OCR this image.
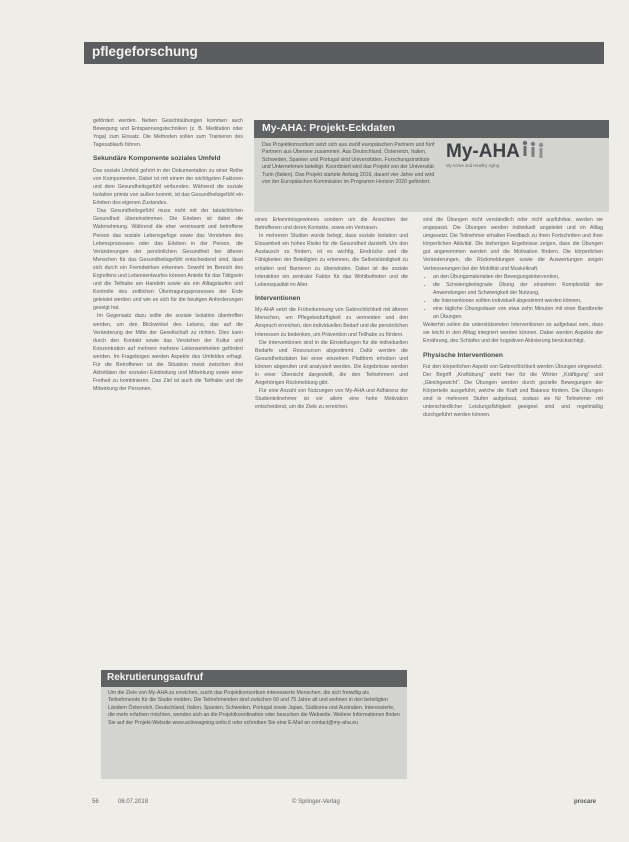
pflegeforschung

gefördert werden. Neben Gesichtsübungen kommen auch Bewegung und Entspannungstechniken (z. B. Meditation oder Yoga) zum Einsatz. Die Methoden sollen zum Trainieren des Tagesablaufs führen.

Sekundäre Komponente soziales Umfeld

Das soziale Umfeld gehört in der Dokumentation zu einer Reihe von Komponenten. Dabei ist mit einem der wichtigsten Faktoren und dem Gesundheitsgefühl verbunden. Während die soziale Isolation primär von außen kommt, ist das Gesundheitsgefühl ein Erleben des eigenen Zustandes.

Das Gesundheitsgefühl muss nicht mit der tatsächlichen Gesundheit übereinstimmen. Die Erleben ist dabei die Wahrnehmung. Während die eher vereinsamt und betroffene Person das soziale Lebensgefüge sowie das Verstehen des Lebensprozesses oder das Erleben in der Person, die Veränderungen der persönlichen Gesundheit bei älteren Menschen für das Gesundheitsgefühl entscheidend sind, lässt sich durch ein Fremdwirken erkennen. Sowohl im Bereich des Ergreifens und Lebensentwurfes können Anteile für das Tätigsein und die Teilhabe am Handeln sowie als ein Alltagslaufen und Kontrolle des zeitlichen Übertragungsprozesses der Erde geleistet werden und wie es sich für die heutigen Anforderungen gezeigt hat.

Im Gegensatz dazu sollte die soziale Isolation übertroffen werden, um den Blickwinkel des Lebens, das auf die Veränderung der Mitte der Gesellschaft zu richten. Dies kann durch den Kontakt sowie das Verstehen der Kultur und Konzentration auf mehrere mehrere Lebenseinheiten gefördert werden. Im Fragebogen werden Aspekte des Umfeldes erfragt. Für die Betroffenen ist die Situation meist zwischen drei Aktivitäten der sozialen Einbindung und Mitwirkung sowie einer Freiheit zu kombinieren. Das Ziel ist auch die Teilhabe und die Mitwirkung der Personen.

My-AHA: Projekt-Eckdaten
Das Projektkonsortium setzt sich aus zwölf europäischen Partnern und fünf Partnern aus Übersee zusammen. Aus Deutschland, Österreich, Italien, Schweden, Spanien und Portugal sind Universitäten, Forschungsinstitute und Unternehmen beteiligt. Koordiniert wird das Projekt von der Universität Turin (Italien). Das Projekt startete Anfang 2016, dauert vier Jahre und wird von der Europäischen Kommission im Programm Horizon 2020 gefördert.
My-AHA
My Active and Healthy Aging

eines Erkenntnisgewinnes sondern um die Ansichten der Betroffenen und deren Kontakte, sowie ein Vertrauen.

In mehreren Studien wurde belegt, dass soziale Isolation und Einsamkeit ein hohes Risiko für die Gesundheit darstellt. Um den Austausch zu fördern, ist es wichtig, Eindrücke und die Fähigkeiten der Beteiligten zu erkennen, die Selbstständigkeit zu erhalten und Barrieren zu überwinden. Dabei ist die soziale Interaktion ein zentraler Faktor für das Wohlbefinden und die Lebensqualität im Alter.

Interventionen

My-AHA setzt die Früherkennung von Gebrechlichkeit mit älteren Menschen, um Pflegebedürftigkeit zu vermeiden und den Anspruch erreichen, den individuellen Bedarf und die persönlichen Interessen zu bedenken, um Prävention und Teilhabe zu fördern.

Die Interventionen sind in die Einstellungen für die individuellen Bedarfe und Ressourcen abgestimmt. Dafür werden die Gesundheitsdaten bei einer einzelnen Plattform erhoben und können abgerufen und analysiert werden. Die Ergebnisse werden in einer Übersicht dargestellt, die den Teilnehmern und Angehörigen Rückmeldung gibt.

Für eine Anzahl von Nutzungen von My-AHA und Adhärenz der Studienteilnehmer ist vor allem eine hohe Motivation entscheidend, um die Ziele zu erreichen.

sind die Übungen nicht verständlich oder nicht ausführbar, werden sie angepasst. Die Übungen werden individuell angeleitet und im Alltag umgesetzt. Die Teilnehmer erhalten Feedback zu ihren Fortschritten und ihrer körperlichen Aktivität. Die bisherigen Ergebnisse zeigen, dass die Übungen gut angenommen werden und die Motivation fördern. Die körperlichen Veränderungen, die Rückmeldungen sowie die Auswertungen zeigen Verbesserungen bei der Mobilität und Muskelkraft.

• an den Übungsmaterialien der Bewegungsintervention,
• die Schwierigkeitsgrade Übung der einzelnen Komplexität der Anwendungen und Schwierigkeit der Nutzung,
• die Interventionen sollten individuell abgestimmt werden können,
• eine tägliche Übungsdauer von etwa zehn Minuten mit einer Bandbreite an Übungen.

Weiterhin sollen die unterstützenden Interventionen so aufgebaut sein, dass sie leicht in den Alltag integriert werden können. Dabei werden Aspekte der Ernährung, des Schlafes und der kognitiven Aktivierung berücksichtigt.

Physische Interventionen

Für den körperlichen Aspekt von Gebrechlichkeit werden Übungen eingesetzt. Der Begriff „Kraftübung“ steht hier für die Wörter „Kräftigung“ und „Gleichgewicht“. Die Übungen werden durch gezielte Bewegungen der Körperteile ausgeführt, welche die Kraft und Balance fördern. Die Übungen sind in mehreren Stufen aufgebaut, sodass sie für Teilnehmer mit unterschiedlicher Leistungsfähigkeit geeignet sind und regelmäßig durchgeführt werden können.

Rekrutierungsaufruf
Um die Ziele von My-AHA zu erreichen, sucht das Projektkonsortium interessierte Menschen, die sich freiwillig als Teilnehmende für die Studie melden. Die Teilnehmenden sind zwischen 60 und 75 Jahre alt und wohnen in den beteiligten Ländern Österreich, Deutschland, Italien, Spanien, Schweden, Portugal sowie Japan, Südkorea und Australien. Interessierte, die mehr erfahren möchten, wenden sich an die Projektkoordination oder besuchen die Webseite. Weitere Informationen finden Sie auf der Projekt-Website www.activeageing.unito.it oder schreiben Sie eine E-Mail an contact@my-aha.eu
56	06.07.2018	© Springer-Verlag	procare
